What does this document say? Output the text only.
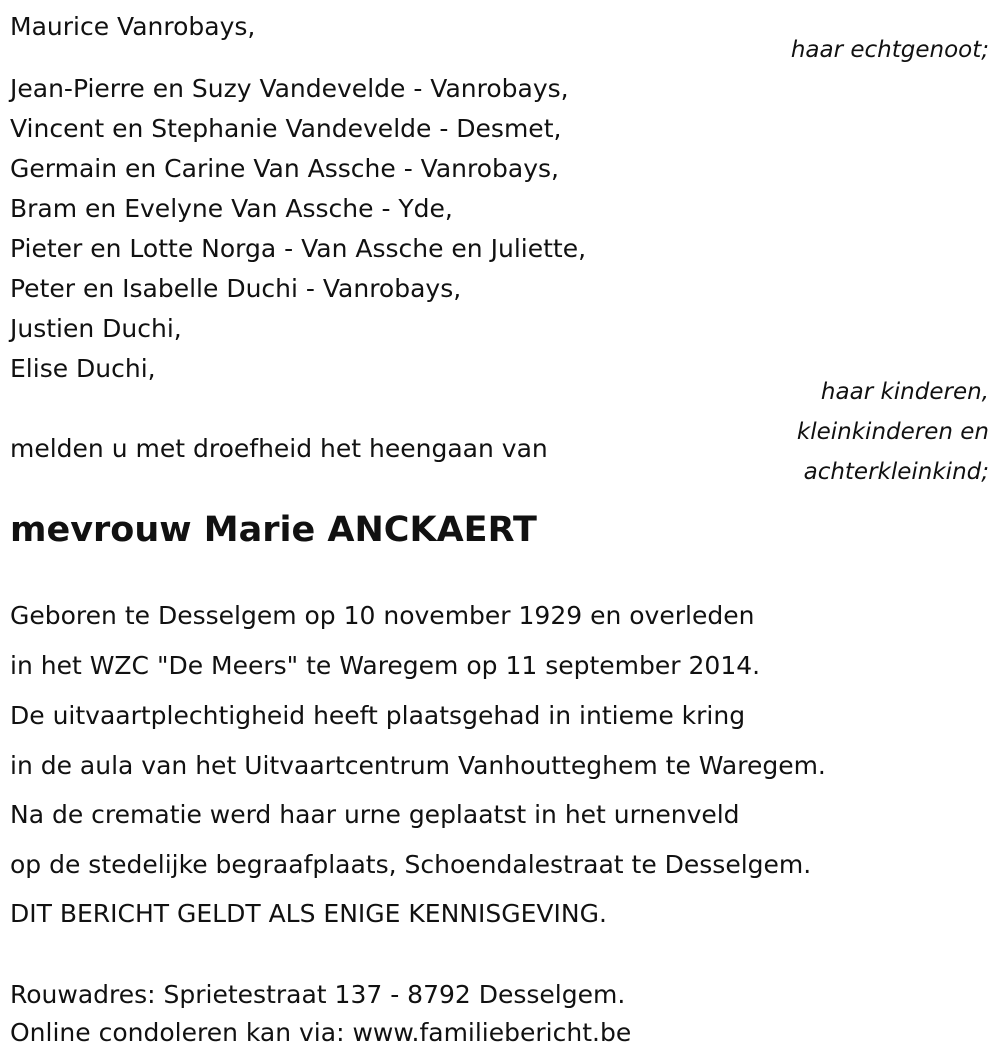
Maurice Vanrobays,
haar echtgenoot;
Jean-Pierre en Suzy Vandevelde - Vanrobays,
Vincent en Stephanie Vandevelde - Desmet,
Germain en Carine Van Assche - Vanrobays,
Bram en Evelyne Van Assche - Yde,
Pieter en Lotte Norga - Van Assche en Juliette,
Peter en Isabelle Duchi - Vanrobays,
Justien Duchi,
Elise Duchi,
haar kinderen,
kleinkinderen en
achterkleinkind;
melden u met droefheid het heengaan van
mevrouw Marie ANCKAERT
Geboren te Desselgem op 10 november 1929 en overleden
in het WZC "De Meers" te Waregem op 11 september 2014.
De uitvaartplechtigheid heeft plaatsgehad in intieme kring
in de aula van het Uitvaartcentrum Vanhoutteghem te Waregem.
Na de crematie werd haar urne geplaatst in het urnenveld
op de stedelijke begraafplaats, Schoendalestraat te Desselgem.
DIT BERICHT GELDT ALS ENIGE KENNISGEVING.
Rouwadres: Sprietestraat 137 - 8792 Desselgem.
Online condoleren kan via: www.familiebericht.be
